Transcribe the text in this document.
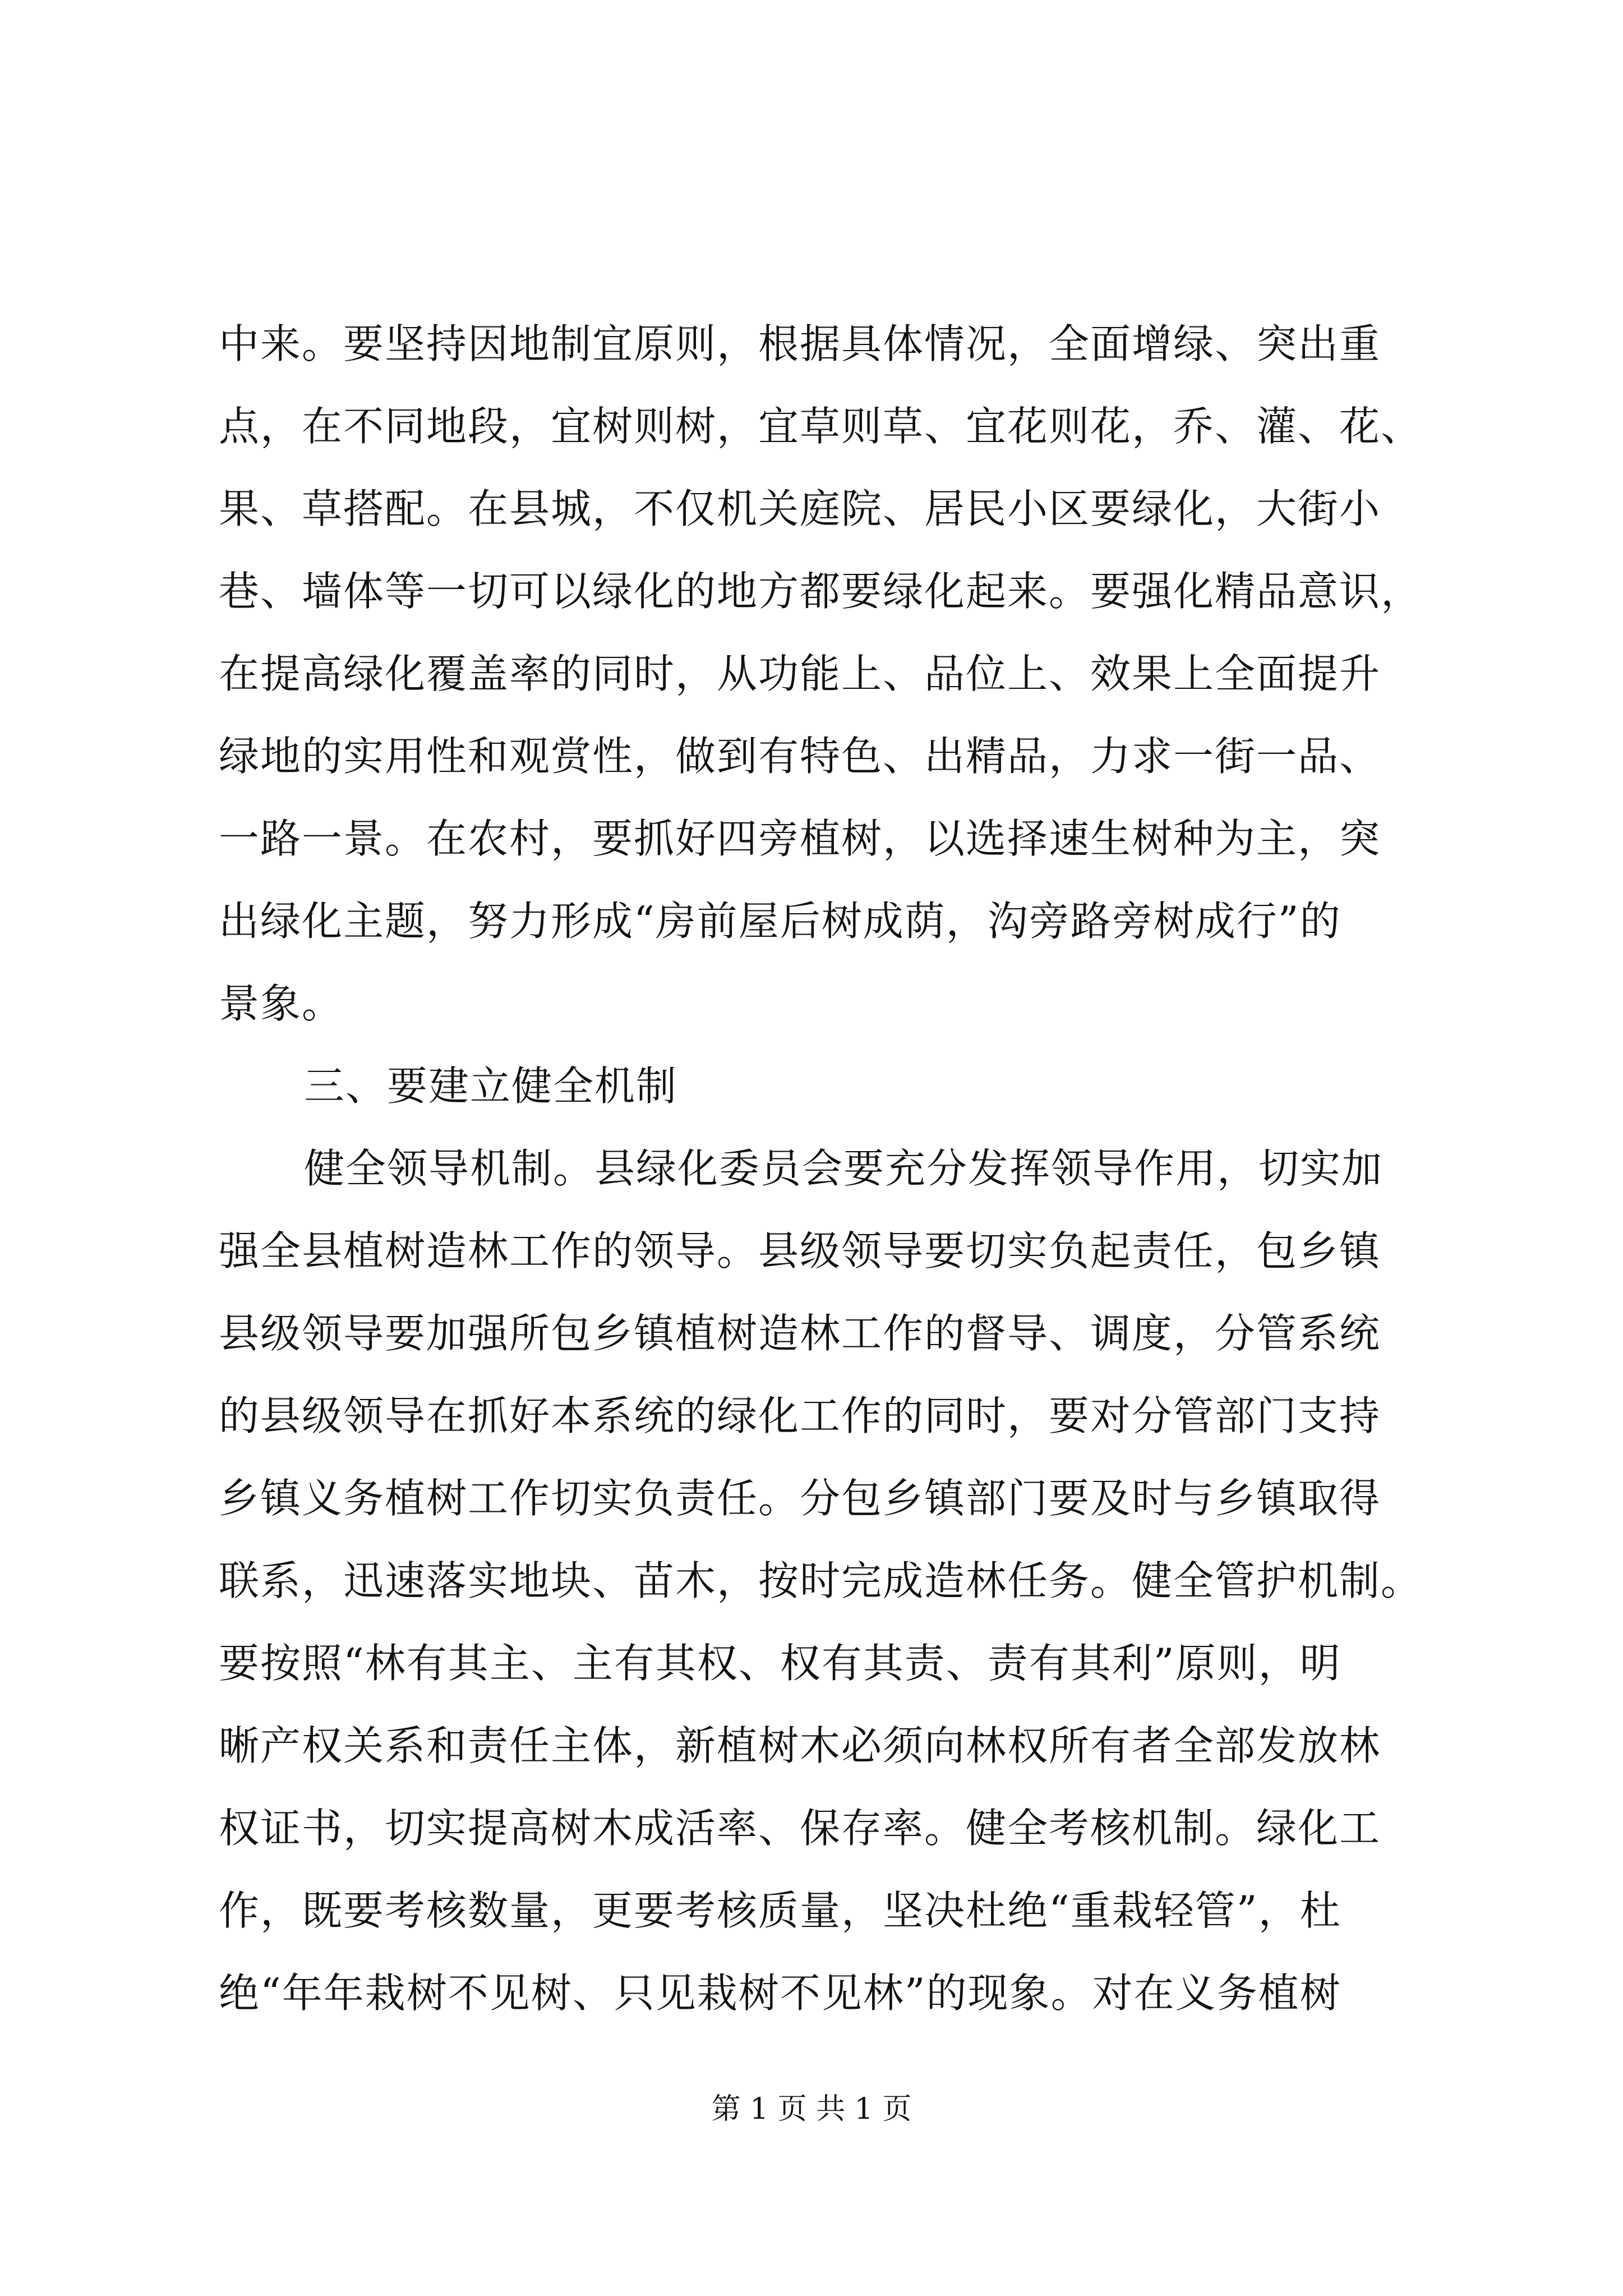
中来。要坚持因地制宜原则，根据具体情况，全面增绿、突出重
点，在不同地段，宜树则树，宜草则草、宜花则花，乔、灌、花、
果、草搭配。在县城，不仅机关庭院、居民小区要绿化，大街小
巷、墙体等一切可以绿化的地方都要绿化起来。要强化精品意识，
在提高绿化覆盖率的同时，从功能上、品位上、效果上全面提升
绿地的实用性和观赏性，做到有特色、出精品，力求一街一品、
一路一景。在农村，要抓好四旁植树，以选择速生树种为主，突
出绿化主题，努力形成“房前屋后树成荫，沟旁路旁树成行”的
景象。
三、要建立健全机制
健全领导机制。县绿化委员会要充分发挥领导作用，切实加
强全县植树造林工作的领导。县级领导要切实负起责任，包乡镇
县级领导要加强所包乡镇植树造林工作的督导、调度，分管系统
的县级领导在抓好本系统的绿化工作的同时，要对分管部门支持
乡镇义务植树工作切实负责任。分包乡镇部门要及时与乡镇取得
联系，迅速落实地块、苗木，按时完成造林任务。健全管护机制。
要按照“林有其主、主有其权、权有其责、责有其利”原则，明
晰产权关系和责任主体，新植树木必须向林权所有者全部发放林
权证书，切实提高树木成活率、保存率。健全考核机制。绿化工
作，既要考核数量，更要考核质量，坚决杜绝“重栽轻管”，杜
绝“年年栽树不见树、只见栽树不见林”的现象。对在义务植树
第 1 页 共 1 页
